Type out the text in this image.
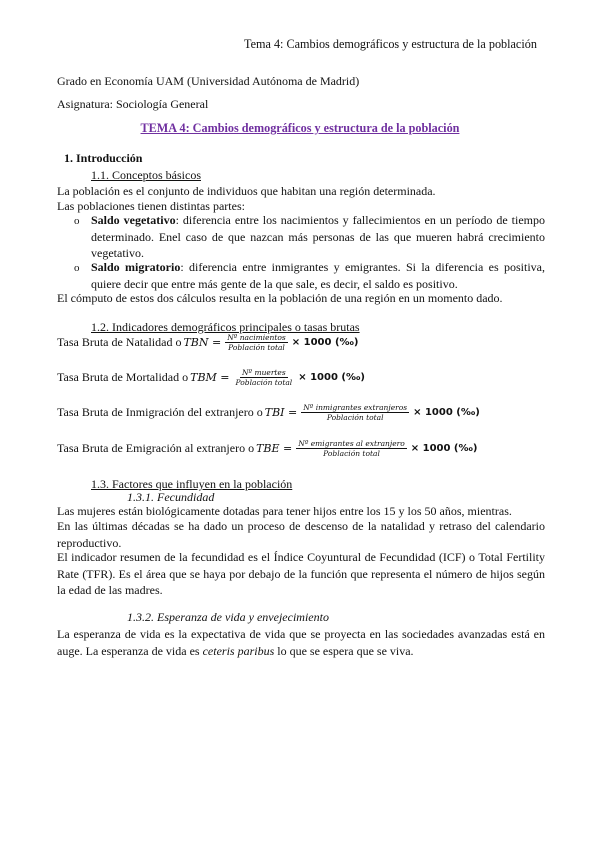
Tema 4: Cambios demográficos y estructura de la población
Grado en Economía UAM (Universidad Autónoma de Madrid)
Asignatura: Sociología General
TEMA 4: Cambios demográficos y estructura de la población
1. Introducción
1.1. Conceptos básicos
La población es el conjunto de individuos que habitan una región determinada.
Las poblaciones tienen distintas partes:
o Saldo vegetativo: diferencia entre los nacimientos y fallecimientos en un período de tiempo determinado. Enel caso de que nazcan más personas de las que mueren habrá crecimiento vegetativo.
o Saldo migratorio: diferencia entre inmigrantes y emigrantes. Si la diferencia es positiva, quiere decir que entre más gente de la que sale, es decir, el saldo es positivo.
El cómputo de estos dos cálculos resulta en la población de una región en un momento dado.
1.2. Indicadores demográficos principales o tasas brutas
Tasa Bruta de Natalidad o TBN = $\frac{\text{Nº nacimientos}}{\text{Población total}} \times 1000$ (‰)
Tasa Bruta de Mortalidad o TBM = $\frac{\text{Nº muertes}}{\text{Población total}} \times 1000$ (‰)
Tasa Bruta de Inmigración del extranjero o TBI = $\frac{\text{Nº inmigrantes extranjeros}}{\text{Población total}} \times 1000$ (‰)
Tasa Bruta de Emigración al extranjero o TBE = $\frac{\text{Nº emigrantes al extranjero}}{\text{Población total}} \times 1000$ (‰)
1.3. Factores que influyen en la población
1.3.1. Fecundidad
Las mujeres están biológicamente dotadas para tener hijos entre los 15 y los 50 años, mientras.
En las últimas décadas se ha dado un proceso de descenso de la natalidad y retraso del calendario reproductivo.
El indicador resumen de la fecundidad es el Índice Coyuntural de Fecundidad (ICF) o Total Fertility Rate (TFR). Es el área que se haya por debajo de la función que representa el número de hijos según la edad de las madres.
1.3.2. Esperanza de vida y envejecimiento
La esperanza de vida es la expectativa de vida que se proyecta en las sociedades avanzadas está en auge. La esperanza de vida es ceteris paribus lo que se espera que se viva.
